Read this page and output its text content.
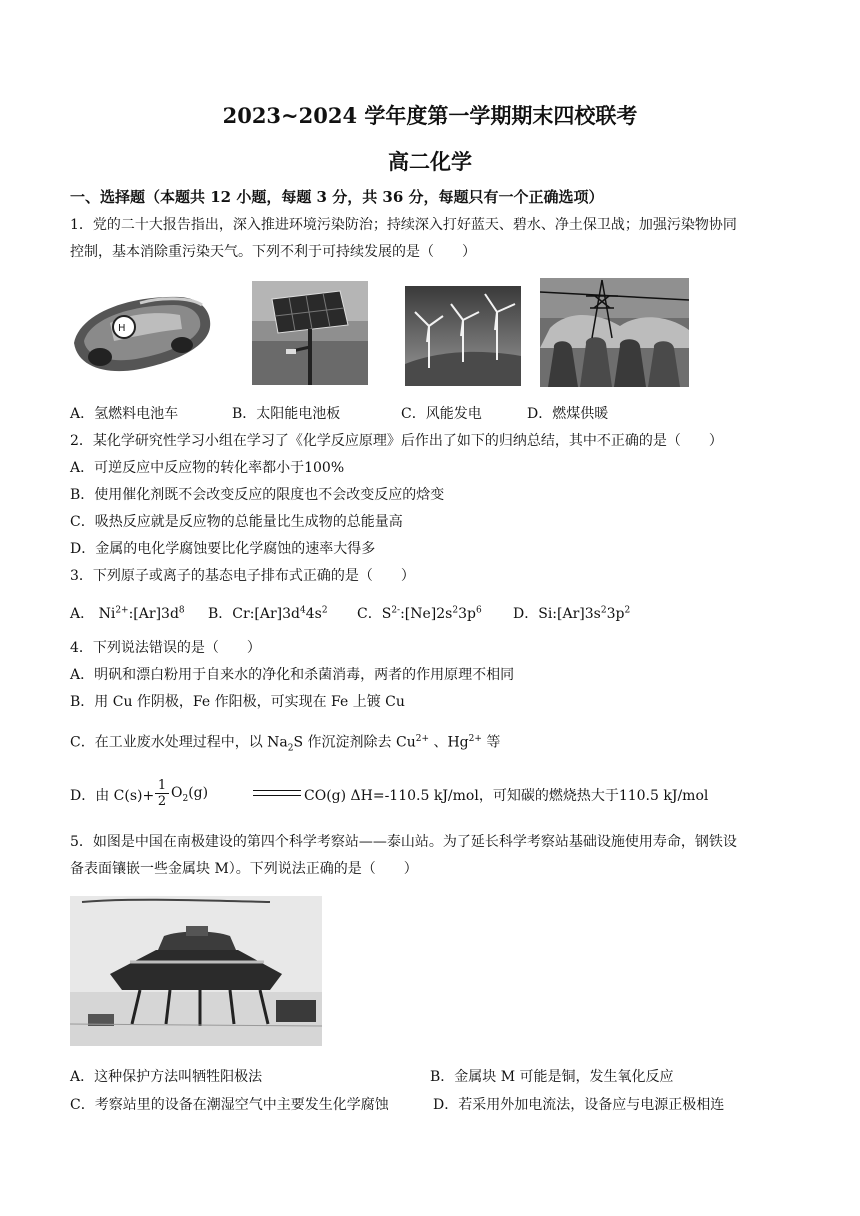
2023~2024 学年度第一学期期末四校联考
高二化学
一、选择题（本题共 12 小题，每题 3 分，共 36 分，每题只有一个正确选项）
1．党的二十大报告指出，深入推进环境污染防治；持续深入打好蓝天、碧水、净土保卫战；加强污染物协同
控制，基本消除重污染天气。下列不利于可持续发展的是（　　）
H
A．氢燃料电池车	B．太阳能电池板	C．风能发电	D．燃煤供暖
2．某化学研究性学习小组在学习了《化学反应原理》后作出了如下的归纳总结，其中不正确的是（　　）
A．可逆反应中反应物的转化率都小于100%
B．使用催化剂既不会改变反应的限度也不会改变反应的焓变
C．吸热反应就是反应物的总能量比生成物的总能量高
D．金属的电化学腐蚀要比化学腐蚀的速率大得多
3．下列原子或离子的基态电子排布式正确的是（　　）
A． $Ni^{2+}:[Ar]3d^8$ B．$Cr:[Ar]3d^44s^2$ C．$S^{2-}:[Ne]2s^23p^6$ D．$Si:[Ar]3s^23p^2$
4．下列说法错误的是（　　）
A．明矾和漂白粉用于自来水的净化和杀菌消毒，两者的作用原理不相同
B．用 Cu 作阴极，Fe 作阳极，可实现在 Fe 上镀 Cu
C．在工业废水处理过程中，以 $Na_2S$ 作沉淀剂除去 $Cu^{2+}$ 、$Hg^{2+}$ 等
D．由 $C(s)+ \frac{1}{2} O_2(g)$	CO(g) ΔH=-110.5 kJ/mol，可知碳的燃烧热大于110.5 kJ/mol
5．如图是中国在南极建设的第四个科学考察站——泰山站。为了延长科学考察站基础设施使用寿命，钢铁设
备表面镶嵌一些金属块 M）。下列说法正确的是（　　）
A．这种保护方法叫牺牲阳极法	B．金属块 M 可能是铜，发生氧化反应
C．考察站里的设备在潮湿空气中主要发生化学腐蚀	D．若采用外加电流法，设备应与电源正极相连
